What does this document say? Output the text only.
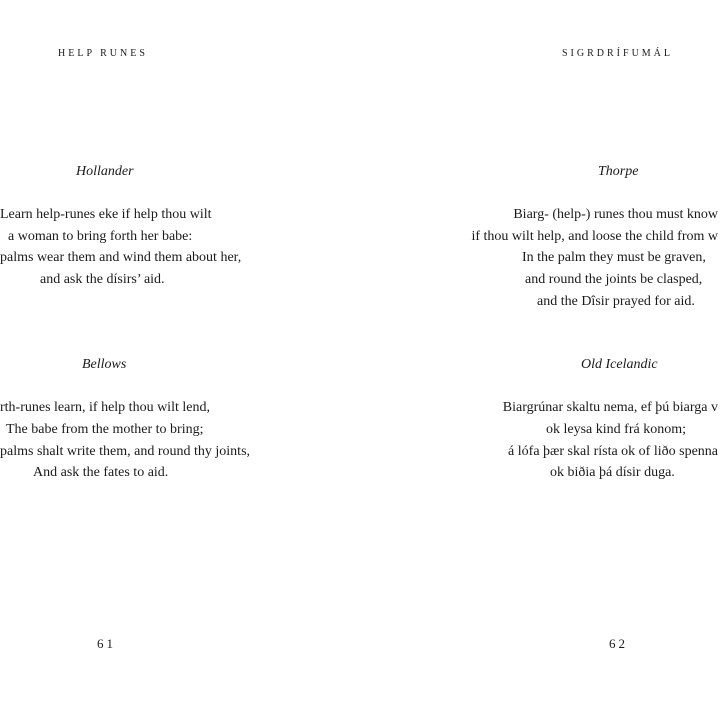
HELP RUNES
Hollander
Learn help-runes eke if help thou wilt
a woman to bring forth her babe:
palms wear them and wind them about her,
and ask the dísirs’ aid.
Bellows
rth-runes learn, if help thou wilt lend,
The babe from the mother to bring;
palms shalt write them, and round thy joints,
And ask the fates to aid.
61
SIGRDRÍFUMÁL
Thorpe
Biarg- (help-) runes thou must know
if thou wilt help, and loose the child from w
In the palm they must be graven,
and round the joints be clasped,
and the Dîsir prayed for aid.
Old Icelandic
Biargrúnar skaltu nema, ef þú biarga v
ok leysa kind frá konom;
á lófa þær skal rísta ok of liðo spenna
ok biðia þá dísir duga.
62
